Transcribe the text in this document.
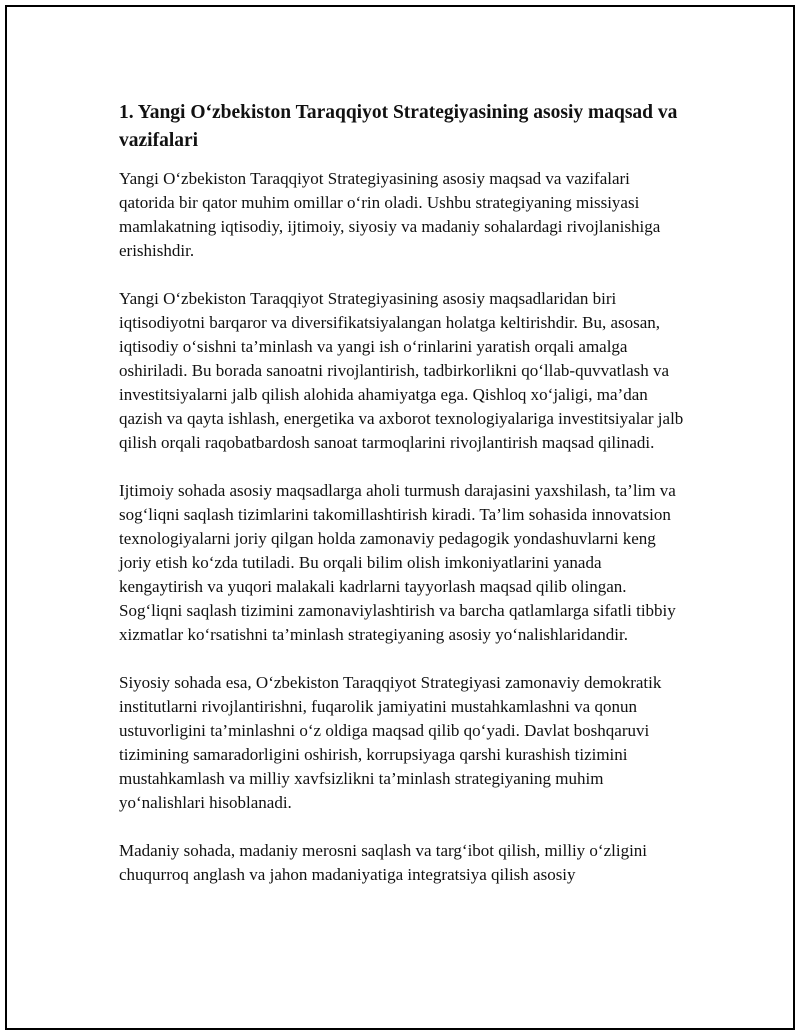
1. Yangi O‘zbekiston Taraqqiyot Strategiyasining asosiy maqsad va vazifalari

Yangi O‘zbekiston Taraqqiyot Strategiyasining asosiy maqsad va vazifalari qatorida bir qator muhim omillar o‘rin oladi. Ushbu strategiyaning missiyasi mamlakatning iqtisodiy, ijtimoiy, siyosiy va madaniy sohalardagi rivojlanishiga erishishdir.

Yangi O‘zbekiston Taraqqiyot Strategiyasining asosiy maqsadlaridan biri iqtisodiyotni barqaror va diversifikatsiyalangan holatga keltirishdir. Bu, asosan, iqtisodiy o‘sishni ta’minlash va yangi ish o‘rinlarini yaratish orqali amalga oshiriladi. Bu borada sanoatni rivojlantirish, tadbirkorlikni qo‘llab-quvvatlash va investitsiyalarni jalb qilish alohida ahamiyatga ega. Qishloq xo‘jaligi, ma’dan qazish va qayta ishlash, energetika va axborot texnologiyalariga investitsiyalar jalb qilish orqali raqobatbardosh sanoat tarmoqlarini rivojlantirish maqsad qilinadi.

Ijtimoiy sohada asosiy maqsadlarga aholi turmush darajasini yaxshilash, ta’lim va sog‘liqni saqlash tizimlarini takomillashtirish kiradi. Ta’lim sohasida innovatsion texnologiyalarni joriy qilgan holda zamonaviy pedagogik yondashuvlarni keng joriy etish ko‘zda tutiladi. Bu orqali bilim olish imkoniyatlarini yanada kengaytirish va yuqori malakali kadrlarni tayyorlash maqsad qilib olingan. Sog‘liqni saqlash tizimini zamonaviylashtirish va barcha qatlamlarga sifatli tibbiy xizmatlar ko‘rsatishni ta’minlash strategiyaning asosiy yo‘nalishlaridandir.

Siyosiy sohada esa, O‘zbekiston Taraqqiyot Strategiyasi zamonaviy demokratik institutlarni rivojlantirishni, fuqarolik jamiyatini mustahkamlashni va qonun ustuvorligini ta’minlashni o‘z oldiga maqsad qilib qo‘yadi. Davlat boshqaruvi tizimining samaradorligini oshirish, korrupsiyaga qarshi kurashish tizimini mustahkamlash va milliy xavfsizlikni ta’minlash strategiyaning muhim yo‘nalishlari hisoblanadi.

Madaniy sohada, madaniy merosni saqlash va targ‘ibot qilish, milliy o‘zligini chuqurroq anglash va jahon madaniyatiga integratsiya qilish asosiy
